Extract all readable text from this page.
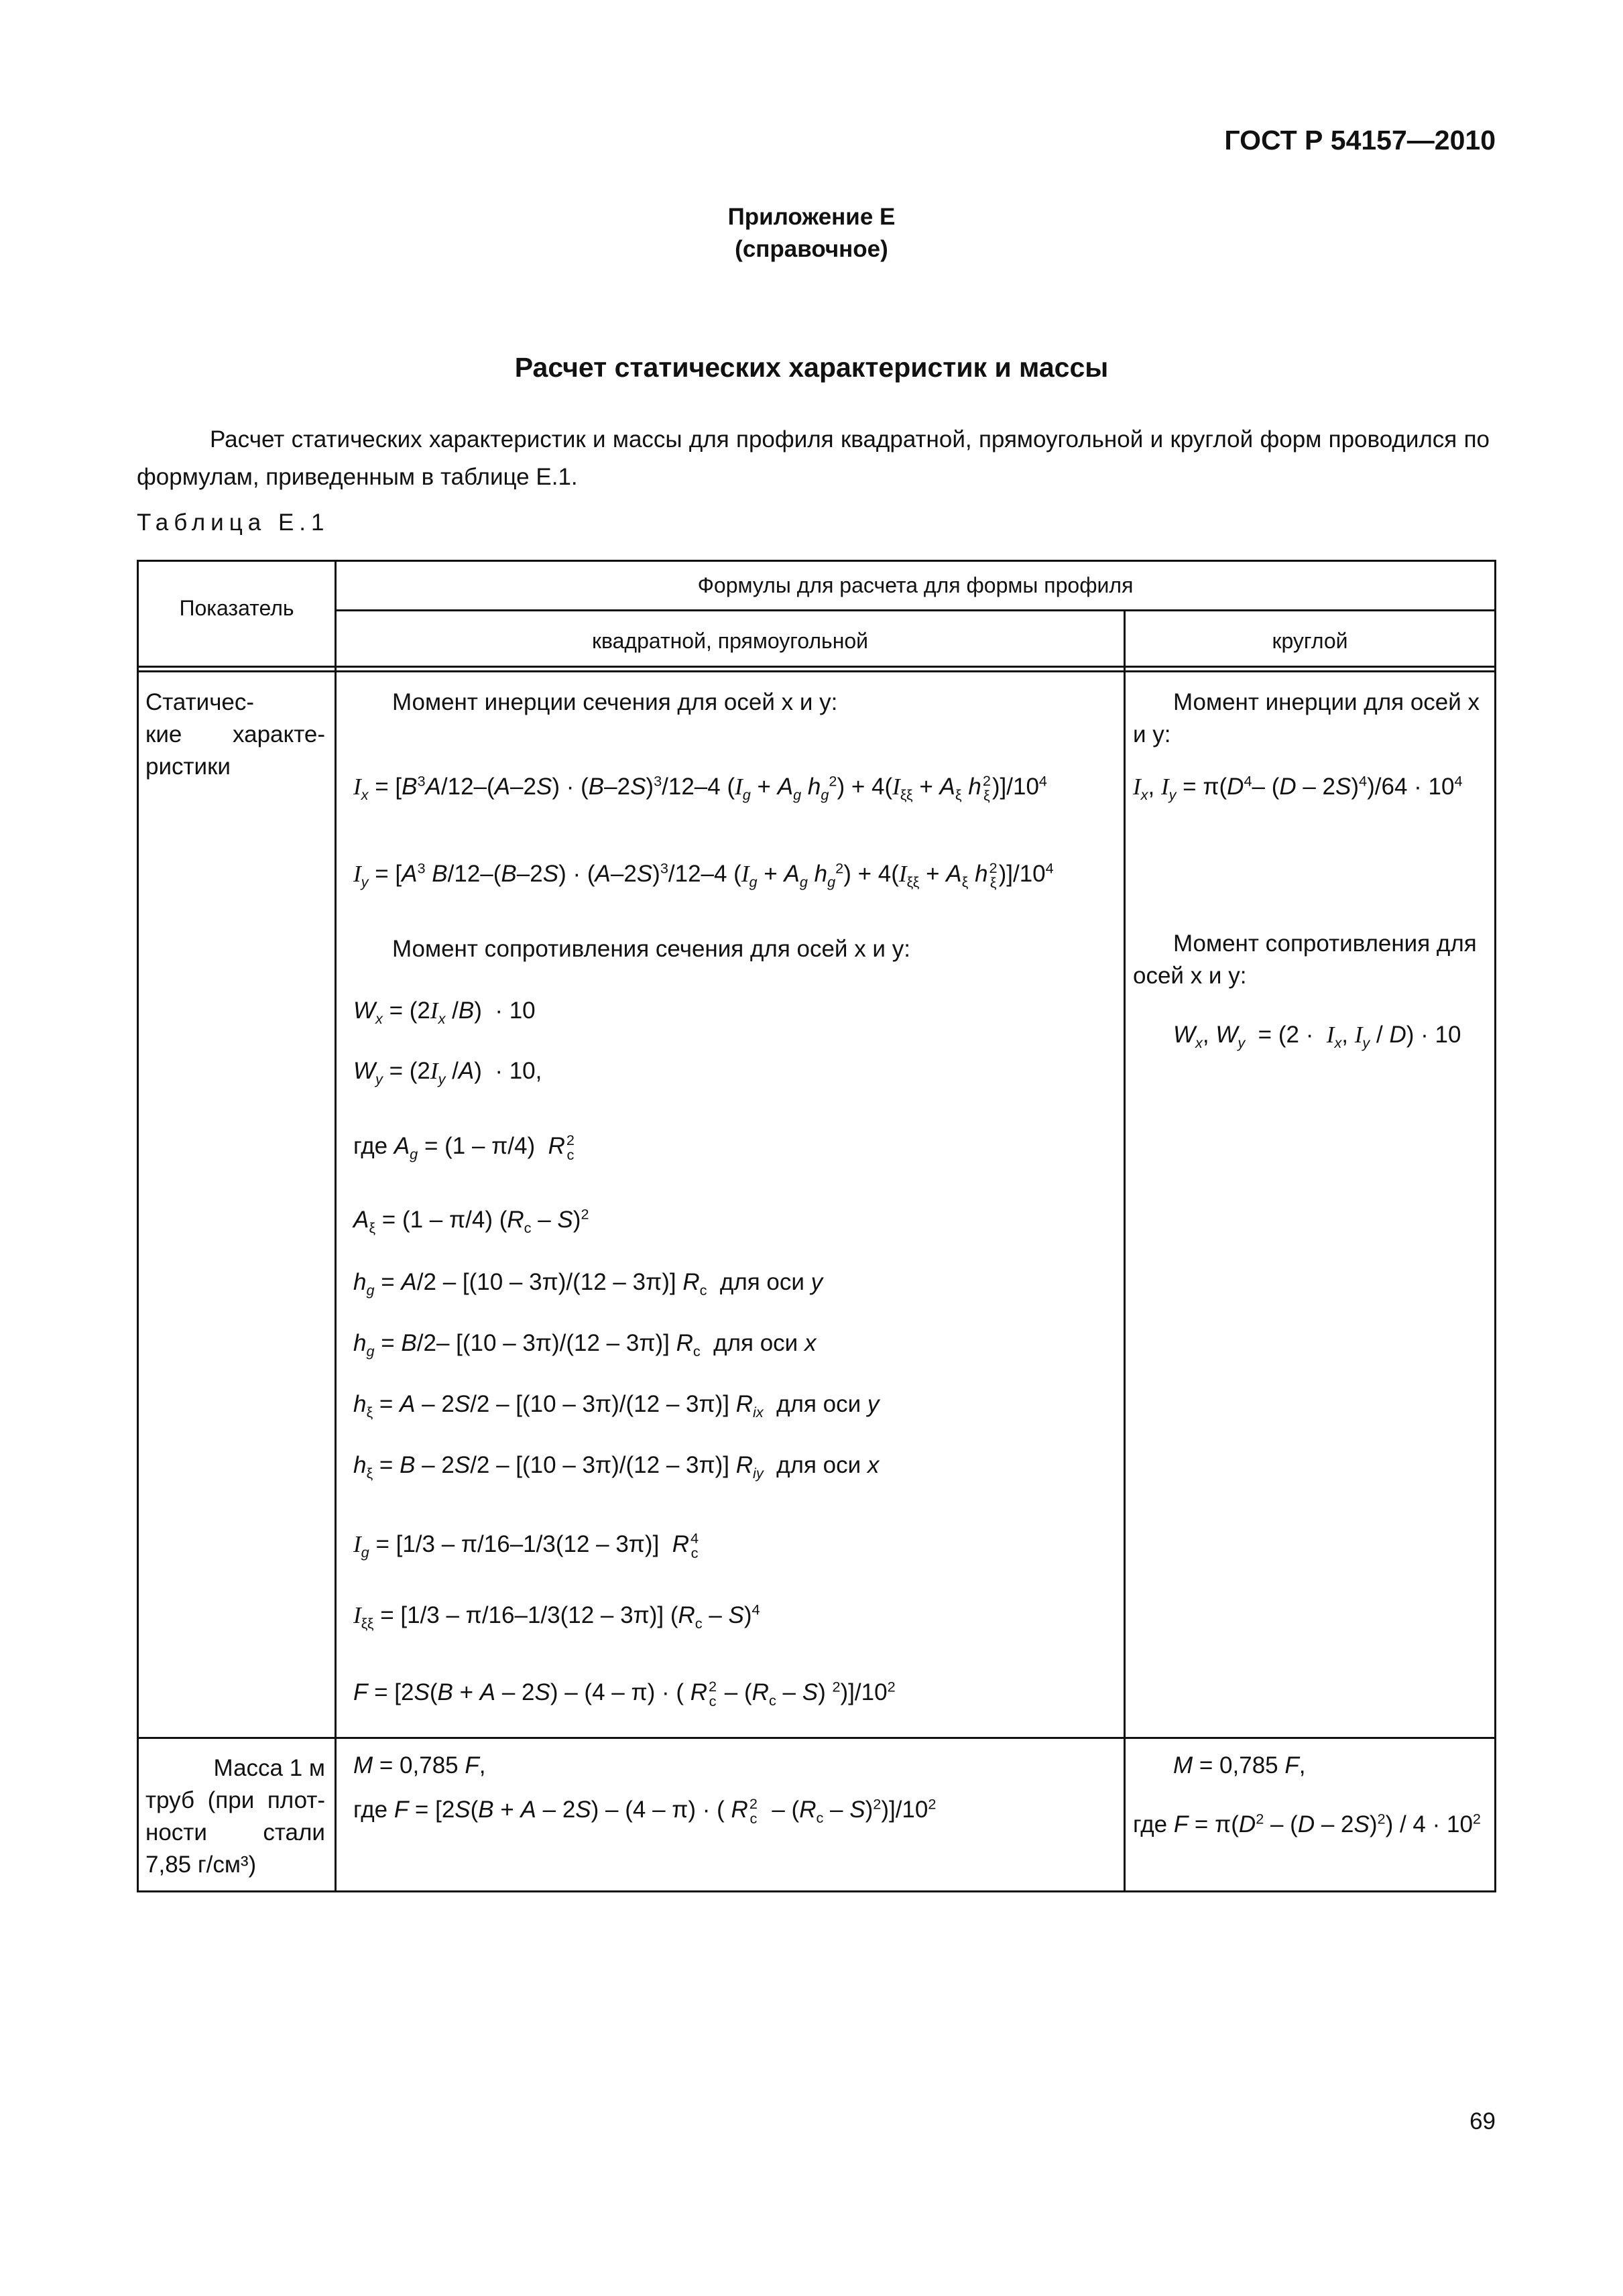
ГОСТ Р 54157—2010
Приложение Е
(справочное)
Расчет статических характеристик и массы
Расчет статических характеристик и массы для профиля квадратной, прямоугольной и круглой форм проводился по формулам, приведенным в таблице Е.1.
Таблица Е.1
Показатель
Формулы для расчета для формы профиля
квадратной, прямоугольной	круглой
Статичес-
кие характе-
ристики
Момент инерции сечения для осей x и y:
$I_x = [B^3A/12-(A-2S) \cdot (B-2S)^3/12-4$ ($I_g + A_g$ $h_g^2) + 4(I_{\xi\xi} + A_\xi$ h 2
ξ )]$/10^4$
$I_y = [A^3$ $B/12-(B-2S) \cdot (A-2S)^3/12-4$ ($I_g + A_g$ $h_g^2) + 4(I_{\xi\xi} + A_\xi$ h 2
ξ )]$/10^4$
Момент сопротивления сечения для осей x и y:
$W_x = (2I_x$ /B)  · 10
$W_y = (2I_y$ /A)  · 10,
где $A_g = (1 - \pi/4)$  R 2
c
$A_\xi = (1 - \pi/4)$ $(R_c - S)^2$
$h_g = A/2 - [(10 - 3\pi)/(12 - 3\pi)]$ $R_c$  для оси y
$h_g = B/2-$ [(10 – 3π)/(12 – 3π)] $R_c$  для оси x
$h_\xi = A - 2S/2 - [(10 - 3\pi)/(12 - 3\pi)]$ $R_{ix}$  для оси y
$h_\xi = B - 2S/2 - [(10 - 3\pi)/(12 - 3\pi)]$ $R_{iy}$  для оси x
$I_g = [1/3 - \pi/16-1/3(12 - 3\pi)]$  R 4
c
$I_{\xi\xi} = [1/3 - \pi/16-1/3(12 - 3\pi)]$ $(R_c - S)^4$
F = [2S(B + A – 2S) – (4 – π) · ( R 2
c – $(R_c - S)$ $^2)]/10^2$
Момент инерции для осей x и y:
$I_x$, $I_y = \pi(D^4-$ $(D - 2S)^4)/64 \cdot 10^4$
Момент сопротивления для осей x и y:
$W_x$, $W_y = (2 \cdot I_x$, $I_y / D) \cdot 10$
Масса 1 м
труб (при плот-
ности стали
7,85 г/см³)
M = 0,785 F,
где F = [2S(B + A – 2S) – (4 – π) · ( R 2
c – $(R_c - S)^2)]/10^2$
M = 0,785 F,
где $F = \pi(D^2 - (D - 2S)^2) / 4 \cdot 10^2$
69
